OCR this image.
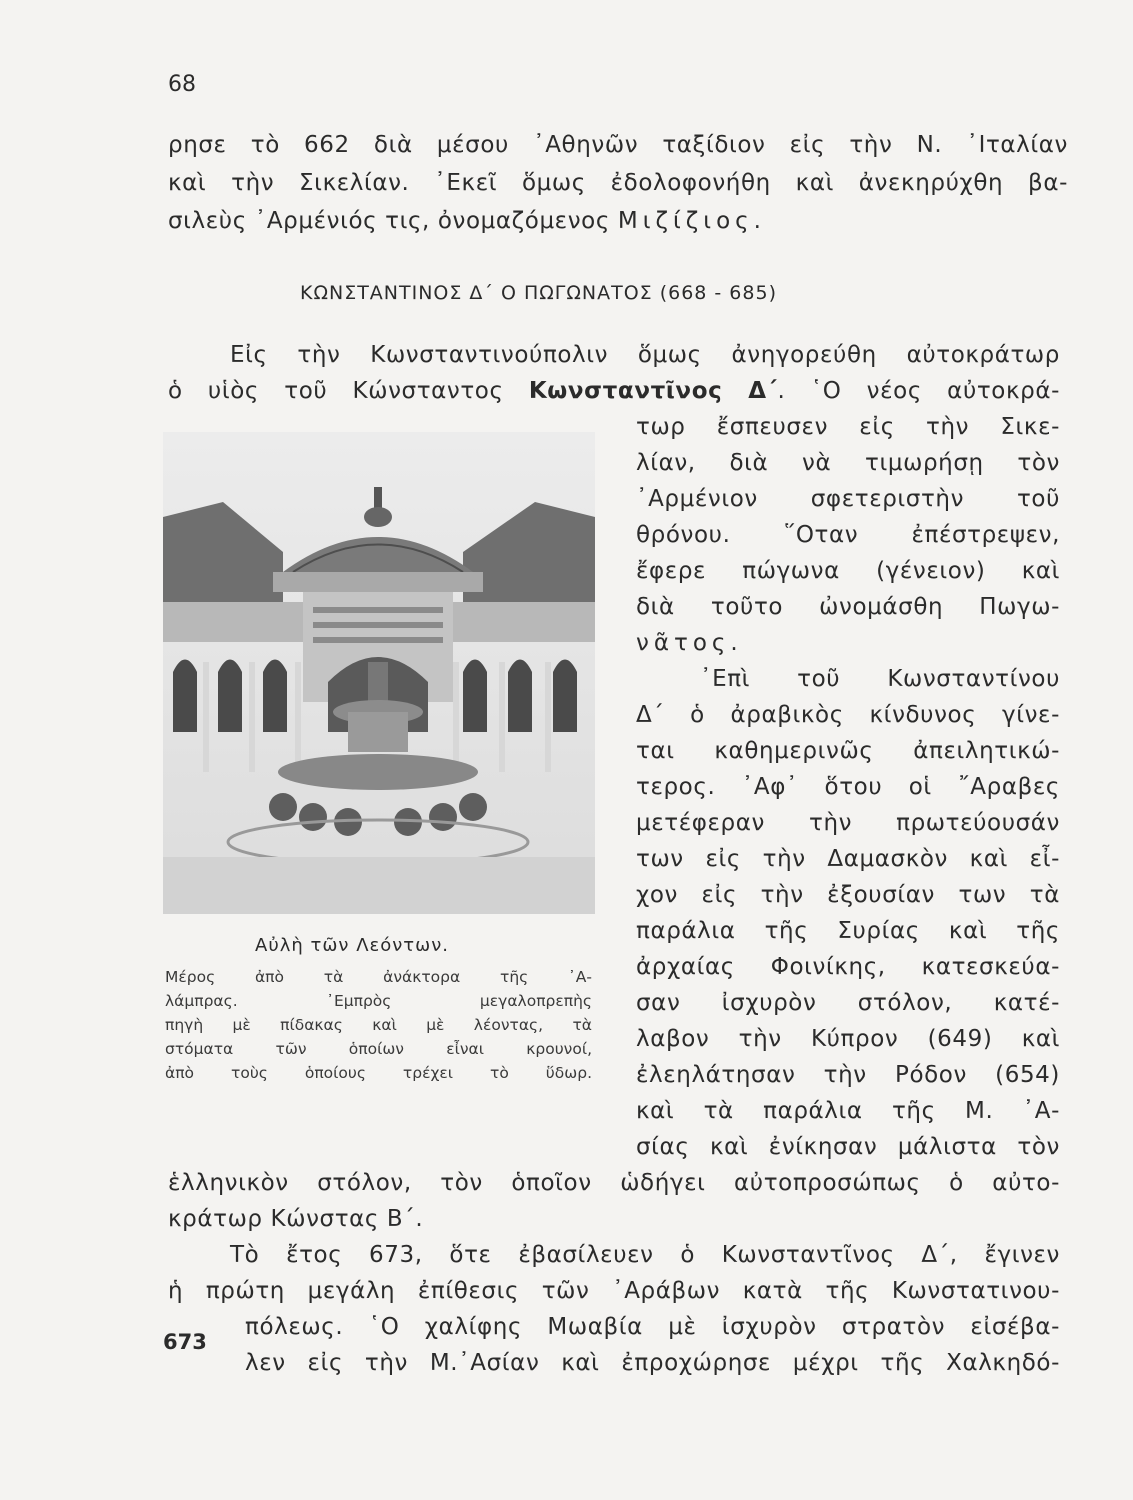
68
ρησε τὸ 662 διὰ μέσου ᾿Αθηνῶν ταξίδιον εἰς τὴν Ν. ᾿Ιταλίαν
καὶ τὴν Σικελίαν. ᾿Εκεῖ ὅμως ἐδολοφονήθη καὶ ἀνεκηρύχθη βα-
σιλεὺς ᾿Αρμένιός τις, ὀνομαζόμενος Μιζίζιος.
ΚΩΝΣΤΑΝΤΙΝΟΣ Δ΄ Ο ΠΩΓΩΝΑΤΟΣ (668 - 685)
Εἰς τὴν Κωνσταντινούπολιν ὅμως ἀνηγορεύθη αὐτοκράτωρ
ὁ υἱὸς τοῦ Κώνσταντος Κωνσταντῖνος Δ΄. ῾Ο νέος αὐτοκρά-
τωρ ἔσπευσεν εἰς τὴν Σικε-
λίαν, διὰ νὰ τιμωρήσῃ τὸν
᾿Αρμένιον σφετεριστὴν τοῦ
θρόνου. ῞Οταν ἐπέστρεψεν,
ἔφερε πώγωνα (γένειον) καὶ
διὰ τοῦτο ὠνομάσθη Πωγω-
νᾶτος.
᾿Επὶ τοῦ Κωνσταντίνου
Δ΄ ὁ ἀραβικὸς κίνδυνος γίνε-
ται καθημερινῶς ἀπειλητικώ-
τερος. ᾿Αφ᾿ ὅτου οἱ ῎Αραβες
μετέφεραν τὴν πρωτεύουσάν
των εἰς τὴν Δαμασκὸν καὶ εἶ-
χον εἰς τὴν ἐξουσίαν των τὰ
παράλια τῆς Συρίας καὶ τῆς
ἀρχαίας Φοινίκης, κατεσκεύα-
σαν ἰσχυρὸν στόλον, κατέ-
λαβον τὴν Κύπρον (649) καὶ
ἐλεηλάτησαν τὴν Ρόδον (654)
καὶ τὰ παράλια τῆς Μ. ᾿Α-
σίας καὶ ἐνίκησαν μάλιστα τὸν
Αὐλὴ τῶν Λεόντων.
Μέρος ἀπὸ τὰ ἀνάκτορα τῆς ᾿Α-
λάμπρας. ᾿Εμπρὸς μεγαλοπρεπὴς
πηγὴ μὲ πίδακας καὶ μὲ λέοντας, τὰ
στόματα τῶν ὁποίων εἶναι κρουνοί,
ἀπὸ τοὺς ὁποίους τρέχει τὸ ὕδωρ.
ἑλληνικὸν στόλον, τὸν ὁποῖον ὡδήγει αὐτοπροσώπως ὁ αὐτο-
κράτωρ Κώνστας Β΄.
Τὸ ἔτος 673, ὅτε ἐβασίλευεν ὁ Κωνσταντῖνος Δ΄, ἔγινεν
ἡ πρώτη μεγάλη ἐπίθεσις τῶν ᾿Αράβων κατὰ τῆς Κωνστατινου-
πόλεως. ῾Ο χαλίφης Μωαβία μὲ ἰσχυρὸν στρατὸν εἰσέβα-
λεν εἰς τὴν Μ.᾿Ασίαν καὶ ἐπροχώρησε μέχρι τῆς Χαλκηδό-
673
